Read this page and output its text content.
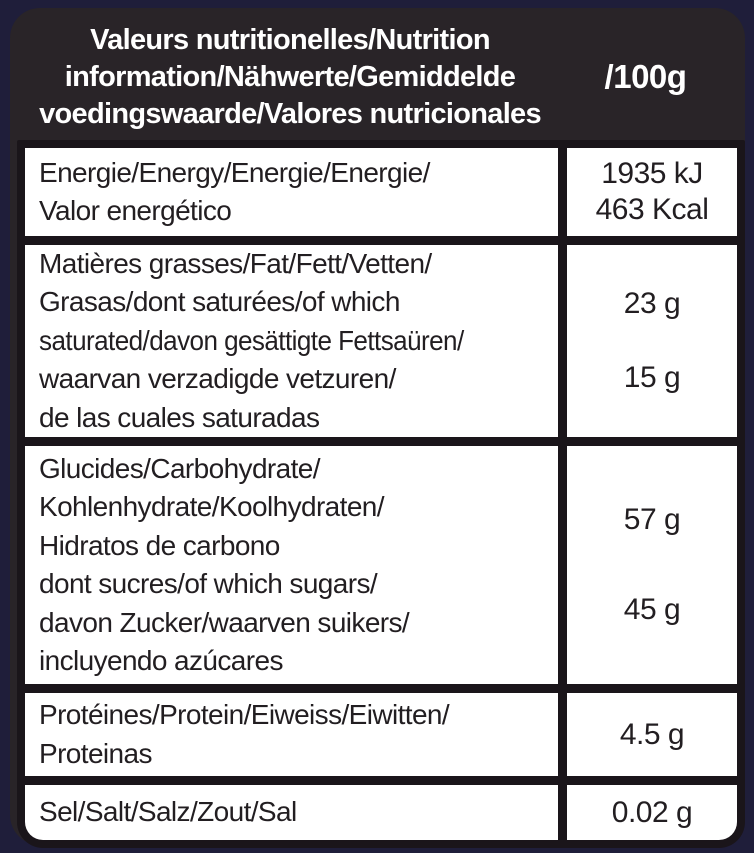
Valeurs nutritionelles/Nutrition
information/Nähwerte/Gemiddelde
voedingswaarde/Valores nutricionales
/100g
Energie/Energy/Energie/Energie/
Valor energético
1935 kJ
463 Kcal
Matières grasses/Fat/Fett/Vetten/
Grasas/dont saturées/of which
saturated/davon gesättigte Fettsaüren/
waarvan verzadigde vetzuren/
de las cuales saturadas
23 g
15 g
Glucides/Carbohydrate/
Kohlenhydrate/Koolhydraten/
Hidratos de carbono
dont sucres/of which sugars/
davon Zucker/waarven suikers/
incluyendo azúcares
57 g
45 g
Protéines/Protein/Eiweiss/Eiwitten/
Proteinas
4.5 g
Sel/Salt/Salz/Zout/Sal	0.02 g
